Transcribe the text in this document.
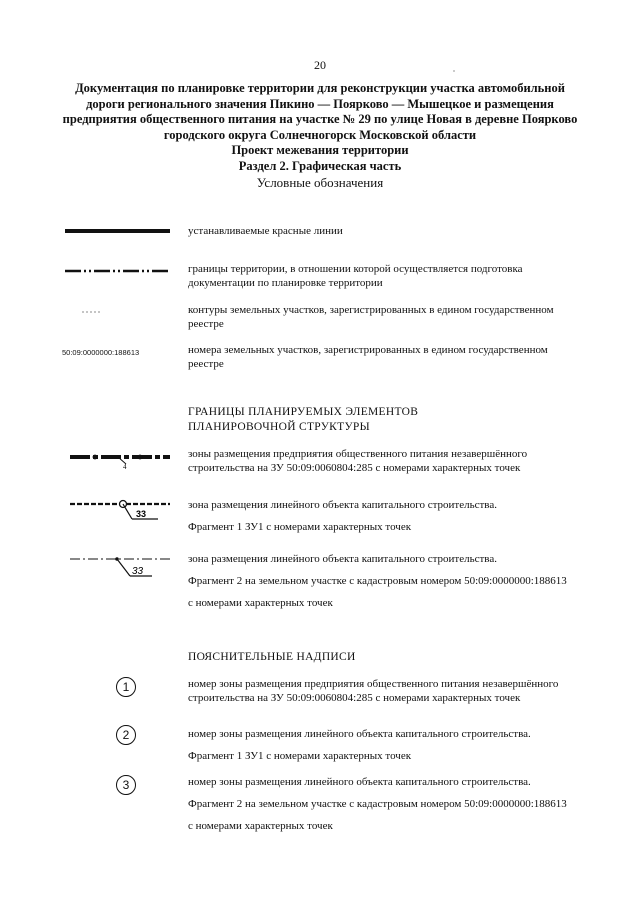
20
Документация по планировке территории для реконструкции участка автомобильной
дороги регионального значения Пикино — Поярково — Мышецкое и размещения
предприятия общественного питания на участке № 29 по улице Новая в деревне Поярково
городского округа Солнечногорск Московской области
Проект межевания территории
Раздел 2. Графическая часть
Условные обозначения
устанавливаемые красные линии
границы территории, в отношении которой осуществляется подготовка
документации по планировке территории
контуры земельных участков, зарегистрированных в едином государственном
реестре
50:09:0000000:188613	номера земельных участков, зарегистрированных в едином государственном
реестре
ГРАНИЦЫ ПЛАНИРУЕМЫХ ЭЛЕМЕНТОВ
ПЛАНИРОВОЧНОЙ СТРУКТУРЫ
4
зоны размещения предприятия общественного питания незавершённого
строительства на ЗУ 50:09:0060804:285 с номерами характерных точек
33
зона размещения линейного объекта капитального строительства.
Фрагмент 1 ЗУ1 с номерами характерных точек
33
зона размещения линейного объекта капитального строительства.
Фрагмент 2 на земельном участке с кадастровым номером 50:09:0000000:188613
с номерами характерных точек
ПОЯСНИТЕЛЬНЫЕ НАДПИСИ
1	номер зоны размещения предприятия общественного питания незавершённого
строительства на ЗУ 50:09:0060804:285 с номерами характерных точек
2	номер зоны размещения линейного объекта капитального строительства.
Фрагмент 1 ЗУ1 с номерами характерных точек
3	номер зоны размещения линейного объекта капитального строительства.
Фрагмент 2 на земельном участке с кадастровым номером 50:09:0000000:188613
с номерами характерных точек
